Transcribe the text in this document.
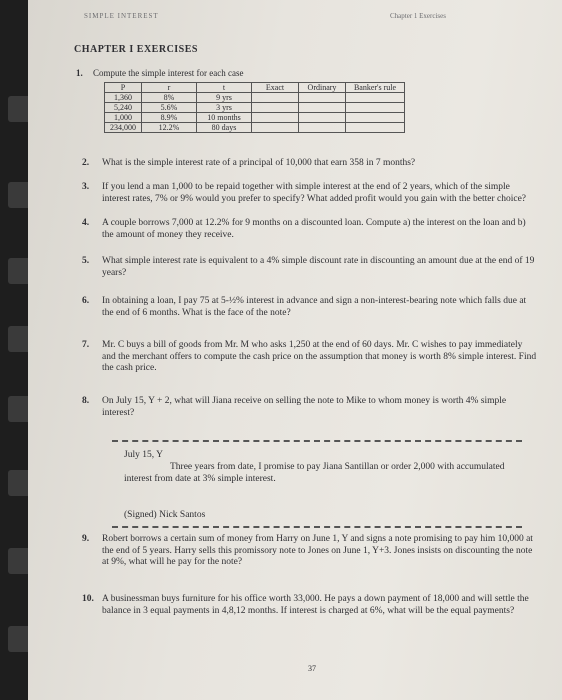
SIMPLE INTEREST	Chapter 1 Exercises
CHAPTER I EXERCISES
1. Compute the simple interest for each case
P	r	t	Exact	Ordinary	Banker's rule
1,360	8%	9 yrs			
5,240	5.6%	3 yrs			
1,000	8.9%	10 months			
234,000	12.2%	80 days			
2. What is the simple interest rate of a principal of 10,000 that earn 358 in 7 months?
3. If you lend a man 1,000 to be repaid together with simple interest at the end of 2 years, which of the simple interest rates, 7% or 9% would you prefer to specify? What added profit would you gain with the better choice?
4. A couple borrows 7,000 at 12.2% for 9 months on a discounted loan. Compute a) the interest on the loan and b) the amount of money they receive.
5. What simple interest rate is equivalent to a 4% simple discount rate in discounting an amount due at the end of 19 years?
6. In obtaining a loan, I pay 75 at 5-½% interest in advance and sign a non-interest-bearing note which falls due at the end of 6 months. What is the face of the note?
7. Mr. C buys a bill of goods from Mr. M who asks 1,250 at the end of 60 days. Mr. C wishes to pay immediately and the merchant offers to compute the cash price on the assumption that money is worth 8% simple interest. Find the cash price.
8. On July 15, Y + 2, what will Jiana receive on selling the note to Mike to whom money is worth 4% simple interest?
July 15, Y
Three years from date, I promise to pay Jiana Santillan or order 2,000 with accumulated interest from date at 3% simple interest.
(Signed) Nick Santos
9. Robert borrows a certain sum of money from Harry on June 1, Y and signs a note promising to pay him 10,000 at the end of 5 years. Harry sells this promissory note to Jones on June 1, Y+3. Jones insists on discounting the note at 9%, what will he pay for the note?
10. A businessman buys furniture for his office worth 33,000. He pays a down payment of 18,000 and will settle the balance in 3 equal payments in 4,8,12 months. If interest is charged at 6%, what will be the equal payments?
37
